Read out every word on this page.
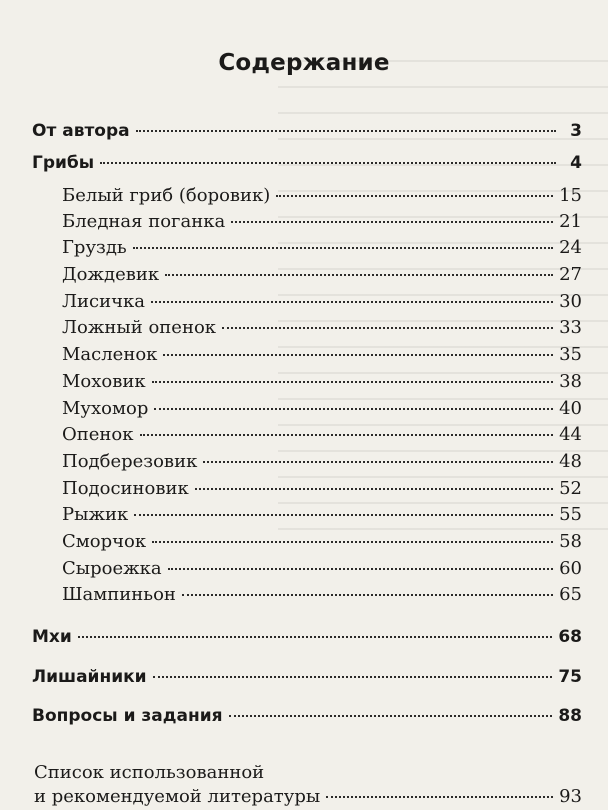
Содержание
От автора	3
Грибы	4
Белый гриб (боровик)	15
Бледная поганка	21
Груздь	24
Дождевик	27
Лисичка	30
Ложный опенок	33
Масленок	35
Моховик	38
Мухомор	40
Опенок	44
Подберезовик	48
Подосиновик	52
Рыжик	55
Сморчок	58
Сыроежка	60
Шампиньон	65
Мхи	68
Лишайники	75
Вопросы и задания	88
Список использованной
и рекомендуемой литературы	93
